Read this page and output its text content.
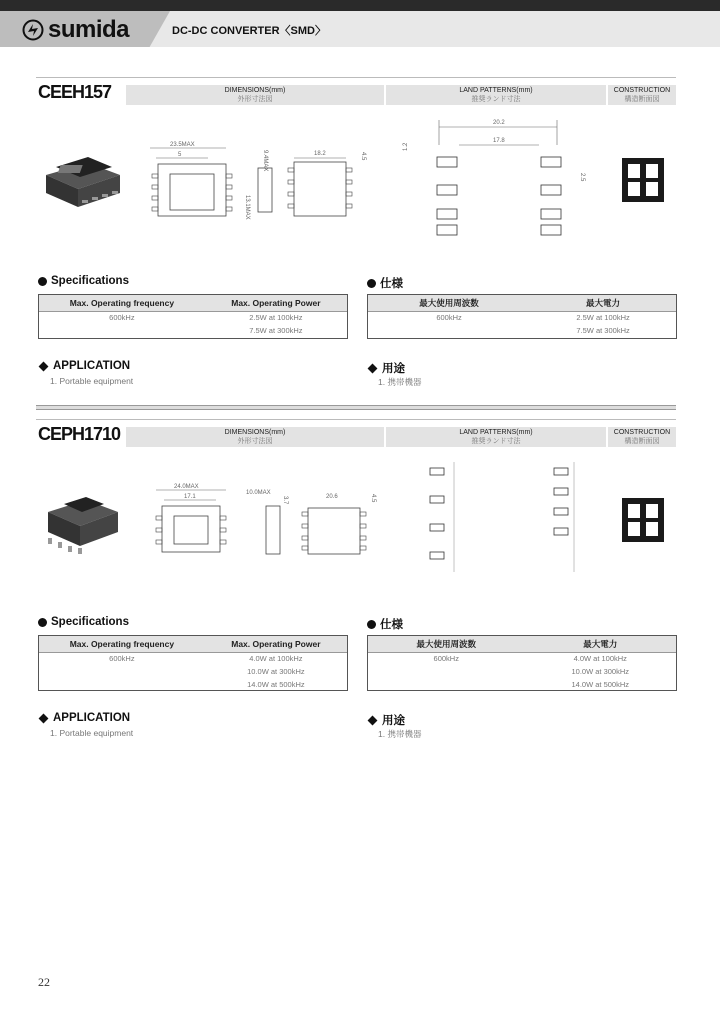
sumida	DC-DC CONVERTER〈SMD〉
CEEH157	DIMENSIONS(mm)
外形寸法図
LAND PATTERNS(mm)
推奨ランド寸法
CONSTRUCTION
構造断面図
23.5MAX
5
13.1MAX
9.4MAX	18.2	4.5
20.2
17.8
1.2
2.5
Specifications	仕様
Max. Operating frequency	Max. Operating Power
600kHz	2.5W at 100kHz
	7.5W at 300kHz
最大使用周波数	最大電力
600kHz	2.5W at 100kHz
	7.5W at 300kHz
APPLICATION
1. Portable equipment
用途
1. 携帯機器
CEPH1710	DIMENSIONS(mm)
外形寸法図
LAND PATTERNS(mm)
推奨ランド寸法
CONSTRUCTION
構造断面図
24.0MAX
17.1
10.0MAX
20.6	4.5
3.7
Specifications	仕様
Max. Operating frequency	Max. Operating Power
600kHz	4.0W at 100kHz
	10.0W at 300kHz
	14.0W at 500kHz
最大使用周波数	最大電力
600kHz	4.0W at 100kHz
	10.0W at 300kHz
	14.0W at 500kHz
APPLICATION
1. Portable equipment
用途
1. 携帯機器
22
